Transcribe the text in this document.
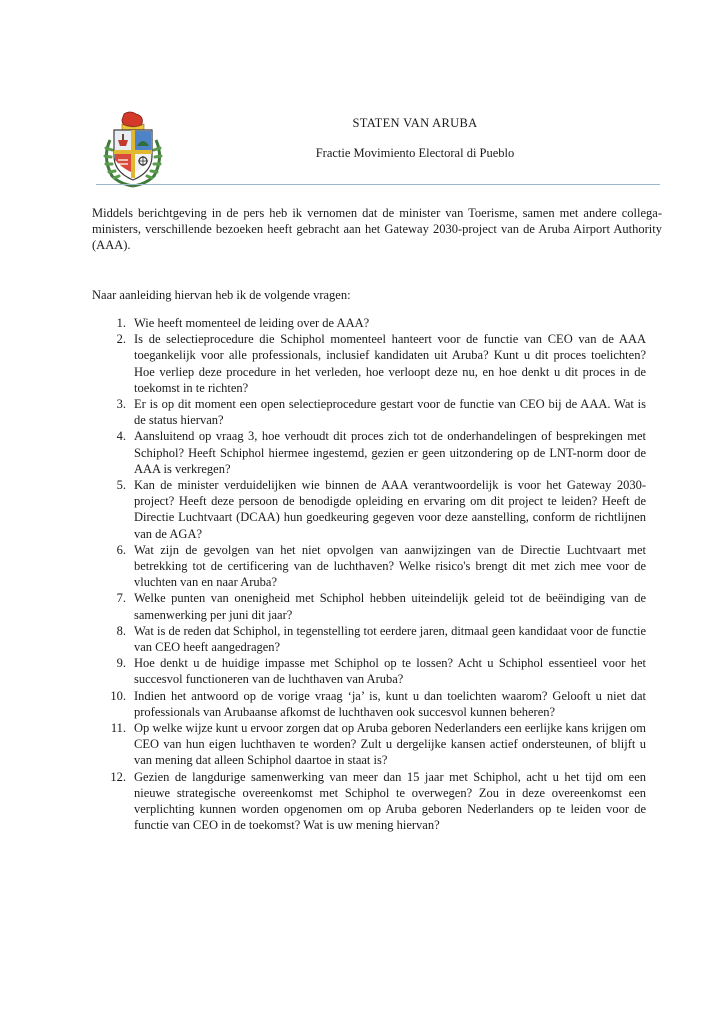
STATEN VAN ARUBA
Fractie Movimiento Electoral di Pueblo

Middels berichtgeving in de pers heb ik vernomen dat de minister van Toerisme, samen met andere collega-ministers, verschillende bezoeken heeft gebracht aan het Gateway 2030-project van de Aruba Airport Authority (AAA).

Naar aanleiding hiervan heb ik de volgende vragen:

1. Wie heeft momenteel de leiding over de AAA?
2. Is de selectieprocedure die Schiphol momenteel hanteert voor de functie van CEO van de AAA toegankelijk voor alle professionals, inclusief kandidaten uit Aruba? Kunt u dit proces toelichten? Hoe verliep deze procedure in het verleden, hoe verloopt deze nu, en hoe denkt u dit proces in de toekomst in te richten?
3. Er is op dit moment een open selectieprocedure gestart voor de functie van CEO bij de AAA. Wat is de status hiervan?
4. Aansluitend op vraag 3, hoe verhoudt dit proces zich tot de onderhandelingen of besprekingen met Schiphol? Heeft Schiphol hiermee ingestemd, gezien er geen uitzondering op de LNT-norm door de AAA is verkregen?
5. Kan de minister verduidelijken wie binnen de AAA verantwoordelijk is voor het Gateway 2030-project? Heeft deze persoon de benodigde opleiding en ervaring om dit project te leiden? Heeft de Directie Luchtvaart (DCAA) hun goedkeuring gegeven voor deze aanstelling, conform de richtlijnen van de AGA?
6. Wat zijn de gevolgen van het niet opvolgen van aanwijzingen van de Directie Luchtvaart met betrekking tot de certificering van de luchthaven? Welke risico's brengt dit met zich mee voor de vluchten van en naar Aruba?
7. Welke punten van onenigheid met Schiphol hebben uiteindelijk geleid tot de beëindiging van de samenwerking per juni dit jaar?
8. Wat is de reden dat Schiphol, in tegenstelling tot eerdere jaren, ditmaal geen kandidaat voor de functie van CEO heeft aangedragen?
9. Hoe denkt u de huidige impasse met Schiphol op te lossen? Acht u Schiphol essentieel voor het succesvol functioneren van de luchthaven van Aruba?
10. Indien het antwoord op de vorige vraag ‘ja’ is, kunt u dan toelichten waarom? Gelooft u niet dat professionals van Arubaanse afkomst de luchthaven ook succesvol kunnen beheren?
11. Op welke wijze kunt u ervoor zorgen dat op Aruba geboren Nederlanders een eerlijke kans krijgen om CEO van hun eigen luchthaven te worden? Zult u dergelijke kansen actief ondersteunen, of blijft u van mening dat alleen Schiphol daartoe in staat is?
12. Gezien de langdurige samenwerking van meer dan 15 jaar met Schiphol, acht u het tijd om een nieuwe strategische overeenkomst met Schiphol te overwegen? Zou in deze overeenkomst een verplichting kunnen worden opgenomen om op Aruba geboren Nederlanders op te leiden voor de functie van CEO in de toekomst? Wat is uw mening hiervan?
